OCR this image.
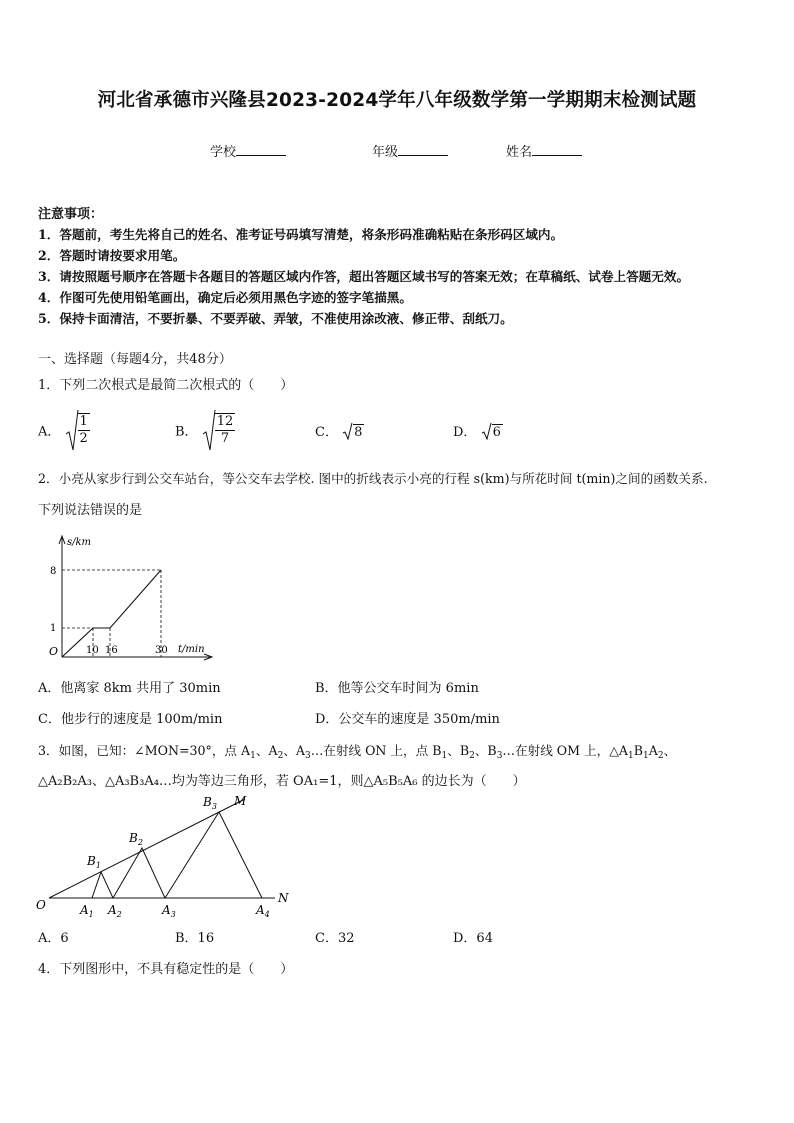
河北省承德市兴隆县2023-2024学年八年级数学第一学期期末检测试题
学校	年级	姓名
注意事项：
1．答题前，考生先将自己的姓名、准考证号码填写清楚，将条形码准确粘贴在条形码区域内。
2．答题时请按要求用笔。
3．请按照题号顺序在答题卡各题目的答题区域内作答，超出答题区域书写的答案无效；在草稿纸、试卷上答题无效。
4．作图可先使用铅笔画出，确定后必须用黑色字迹的签字笔描黑。
5．保持卡面清洁，不要折暴、不要弄破、弄皱，不准使用涂改液、修正带、刮纸刀。
一、选择题（每题4分，共48分）
1．下列二次根式是最简二次根式的（　　）
A． $\frac{1}{2}$	B． $\frac{12}{7}$	C． 8	D． 6
2．小亮从家步行到公交车站台，等公交车去学校. 图中的折线表示小亮的行程 s(km)与所花时间 t(min)之间的函数关系.
下列说法错误的是
s/km
t/min
O
8
1
10 16	30
A．他离家 8km 共用了 30min	B．他等公交车时间为 6min
C．他步行的速度是 100m/min	D．公交车的速度是 350m/min
3．如图，已知：∠MON=30°，点 $A_1$、$A_2$、$A_3\dots$在射线 ON 上，点 $B_1$、$B_2$、$B_3\dots$在射线 OM 上，$\triangle A_1B_1A_2$、
△A₂B₂A₃、△A₃B₃A₄…均为等边三角形，若 OA₁=1，则△A₅B₅A₆ 的边长为（　　）
O
M
N
$A_1$ $A_2$	$A_3$	$A_4$
$B_1$
$B_2$
$B_3$
A．6	B．16	C．32	D．64
4．下列图形中，不具有稳定性的是（　　）
